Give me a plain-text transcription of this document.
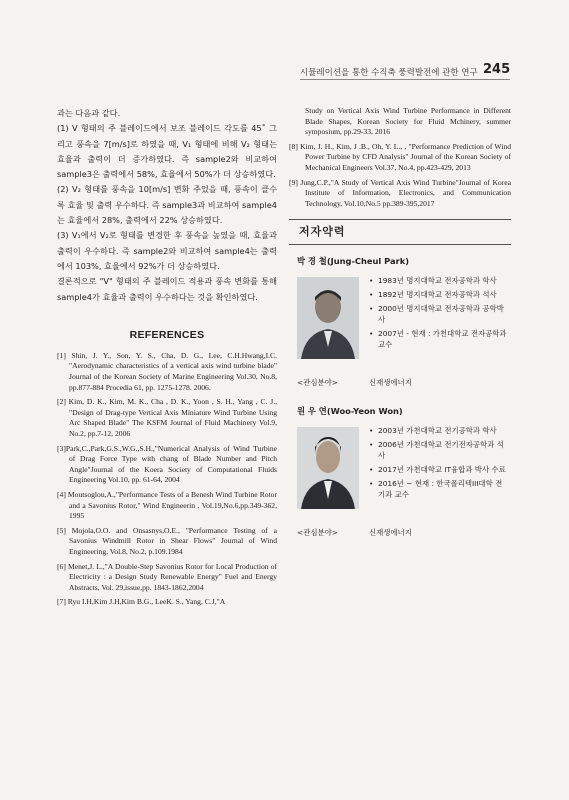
시뮬레이션을 통한 수직축 풍력발전에 관한 연구 245

과는 다음과 같다.

(1) V 형태의 주 블레이드에서 보조 블레이드 각도를 45˚ 그리고 풍속을 7[m/s]로 하였을 때, V₁ 형태에 비해 V₂ 형태는 효율과 출력이 더 증가하였다. 즉 sample2와 비교하여 sample3은 출력에서 58%, 효율에서 50%가 더 상승하였다.

(2) V₂ 형태를 풍속을 10[m/s] 변화 주었을 때, 풍속이 클수록 효율 및 출력 우수하다. 즉 sample3과 비교하여 sample4는 효율에서 28%, 출력에서 22% 상승하였다.

(3) V₁에서 V₂로 형태를 변경한 후 풍속을 높였을 때, 효율과 출력이 우수하다. 즉 sample2와 비교하여 sample4는 출력에서 103%, 효율에서 92%가 더 상승하였다.

결론적으로 "V" 형태의 주 블레이드 적용과 풍속 변화를 통해 sample4가 효율과 출력이 우수하다는 것을 확인하였다.

REFERENCES

[1] Shin, J. Y., Son, Y. S., Cha, D. G., Lee, C.H.Hwang,I.C. "Aerodynamic characteristics of a vertical axis wind turbine blade" Journal of the Korean Society of Marine Engineering Vol.30, No.8, pp.877-884 Procedia 61, pp. 1275-1278. 2006.

[2] Kim, D. K., Kim, M. K., Cha , D. K., Yoon , S. H., Yang , C. J., "Design of Drag-type Vertical Axis Miniature Wind Turbine Using Arc Shaped Blade" The KSFM Journal of Fluid Machinery Vol.9, No.2, pp.7-12, 2006

[3]Park,C.,Park,G.S.,W.G.,S.H.,"Numerical Analysis of Wind Turbine of Drag Force Type with chang of Blade Number and Pitch Angle"Journal of the Koera Society of Computational Fluids Engineering Vol.10, pp. 61-64, 2004

[4] Moutsoglou,A.,"Performance Tests of a Benesh Wind Turbine Rotor and a Savonius Rotor," Wind Engineerin , Vol.19,No.6,pp.349-362, 1995

[5] Mojola,O.O. and Onsasnys,O.E., "Performance Testing of a Savonius Windmill Rotor in Shear Flows" Journal of Wind Engineering, Vol.8, No.2, p.109.1984

[6] Menet,J. L.,"A Double-Step Savonius Rotor for Local Production of Electricity : a Design Study Renewable Energy" Fuel and Energy Abstracts, Vol. 29,issue,pp. 1843-1862,2004

[7] Ryu I.H,Kim J.H,Kim B.G., LeeK. S., Yang, C.J,"A

Study on Vertical Axis Wind Turbine Performance in Different Blade Shapes, Korean Society for Fluid Mchinery, summer symposium, pp.29-33, 2016

[8] Kim, J. H., Kim, J .B., Oh, Y. L., , "Performance Prediction of Wind Power Turbine by CFD Analysis" Journal of the Korean Society of Mechanical Engineers Vol.37, No.4, pp.423-429, 2013

[9] Jung,C.P.,"A Study of Vertical Axis Wind Turbine"Journal of Korea Institute of Information, Electronics, and Communication Technology, Vol.10,No.5 pp.389-395,2017

저자약력
박 경 철(Jung-Cheul Park)
• 1983년 명지대학교 전자공학과 학사
• 1892년 명지대학교 전자공학과 석사
• 2000년 명지대학교 전자공학과 공학박사
• 2007년 - 현재 : 가천대학교 전자공학과 교수
<관심분야>	신재생에너지
원 우 연(Woo-Yeon Won)
• 2003년 가천대학교 전기공학과 학사
• 2006년 가천대학교 전기전자공학과 석사
• 2017년 가천대학교 IT융합과 박사 수료
• 2016년 ~ 현재 : 한국폴리텍III대학 전기과 교수
<관심분야>	신재생에너지
